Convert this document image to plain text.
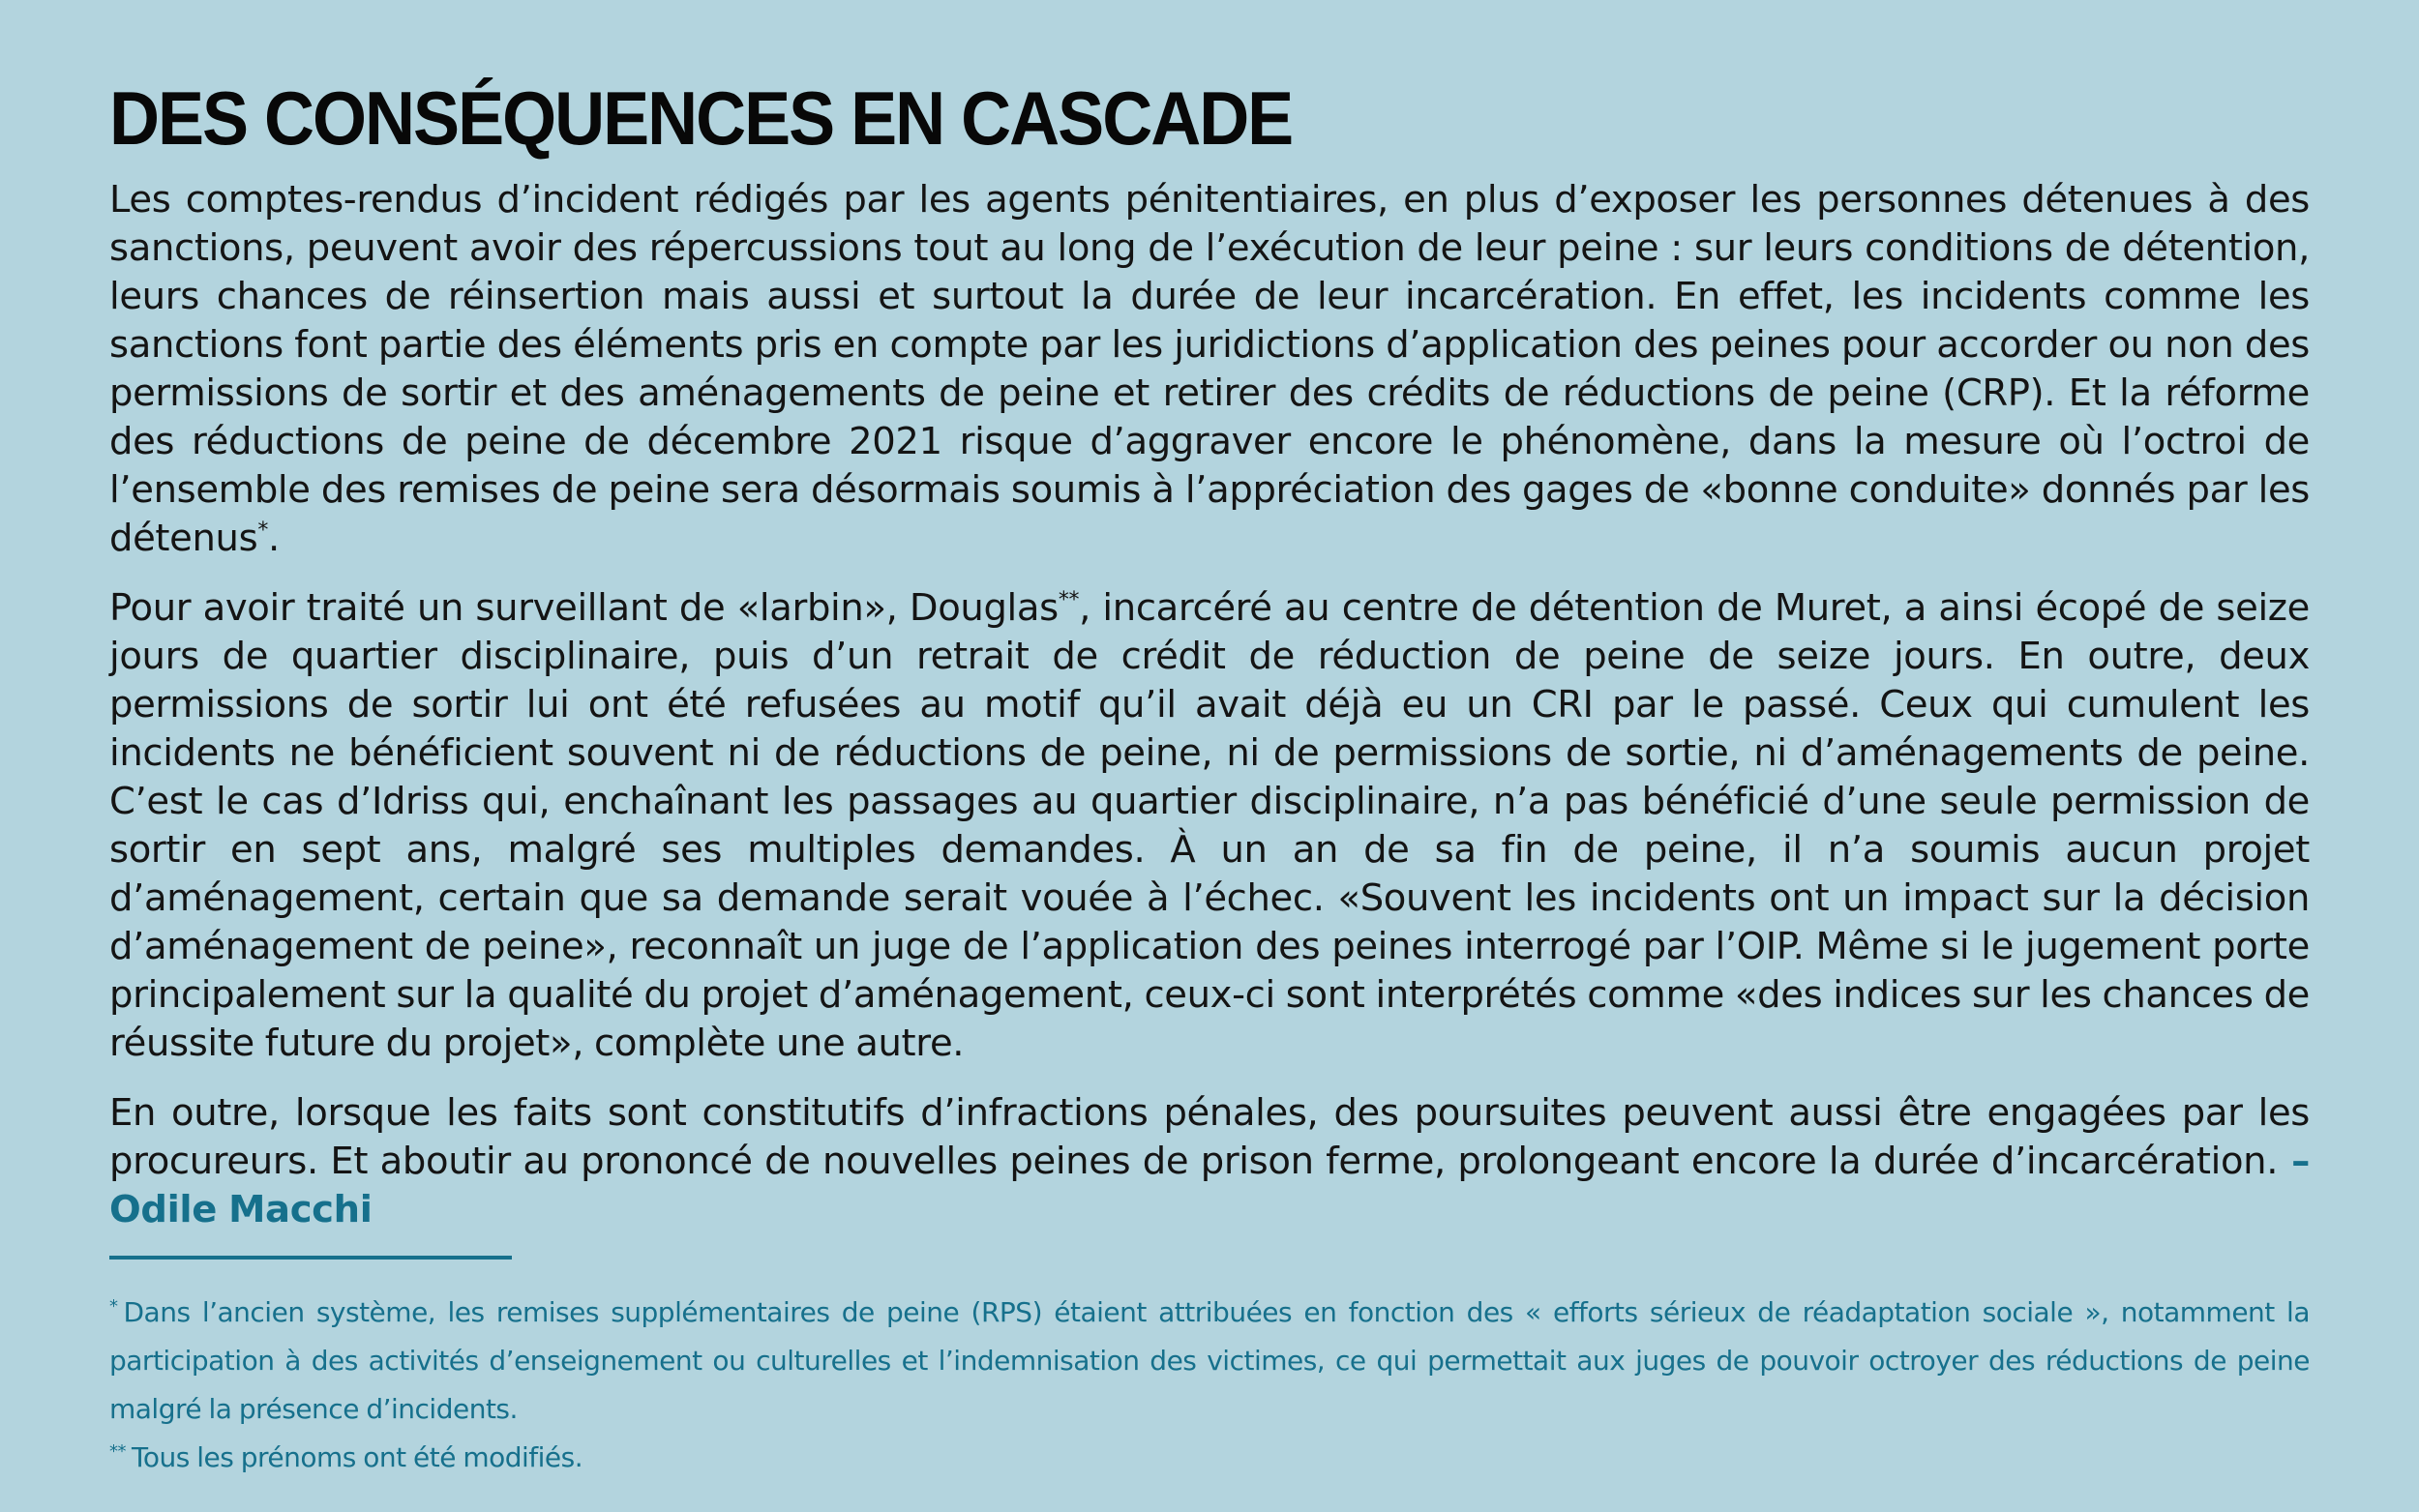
DES CONSÉQUENCES EN CASCADE

Les comptes-rendus d’incident rédigés par les agents pénitentiaires, en plus d’exposer les personnes détenues à des sanctions, peuvent avoir des répercussions tout au long de l’exécution de leur peine : sur leurs conditions de détention, leurs chances de réinsertion mais aussi et surtout la durée de leur incarcération. En effet, les incidents comme les sanctions font partie des éléments pris en compte par les juridictions d’application des peines pour accorder ou non des permissions de sortir et des aménagements de peine et retirer des crédits de réductions de peine (CRP). Et la réforme des réductions de peine de décembre 2021 risque d’aggraver encore le phénomène, dans la mesure où l’octroi de l’ensemble des remises de peine sera désormais soumis à l’appréciation des gages de «bonne conduite» donnés par les détenus*.

Pour avoir traité un surveillant de «larbin», Douglas**, incarcéré au centre de détention de Muret, a ainsi écopé de seize jours de quartier disciplinaire, puis d’un retrait de crédit de réduction de peine de seize jours. En outre, deux permissions de sortir lui ont été refusées au motif qu’il avait déjà eu un CRI par le passé. Ceux qui cumulent les incidents ne bénéficient souvent ni de réductions de peine, ni de permissions de sortie, ni d’aménagements de peine. C’est le cas d’Idriss qui, enchaînant les passages au quartier disciplinaire, n’a pas bénéficié d’une seule permission de sortir en sept ans, malgré ses multiples demandes. À un an de sa fin de peine, il n’a soumis aucun projet d’aménagement, certain que sa demande serait vouée à l’échec. «Souvent les incidents ont un impact sur la décision d’aménagement de peine», reconnaît un juge de l’application des peines interrogé par l’OIP. Même si le jugement porte principalement sur la qualité du projet d’aménagement, ceux-ci sont interprétés comme «des indices sur les chances de réussite future du projet», complète une autre.

En outre, lorsque les faits sont constitutifs d’infractions pénales, des poursuites peuvent aussi être engagées par les procureurs. Et aboutir au prononcé de nouvelles peines de prison ferme, prolongeant encore la durée d’incarcération. – Odile Macchi

* Dans l’ancien système, les remises supplémentaires de peine (RPS) étaient attribuées en fonction des « efforts sérieux de réadaptation sociale », notamment la participation à des activités d’enseignement ou culturelles et l’indemnisation des victimes, ce qui permettait aux juges de pouvoir octroyer des réductions de peine malgré la présence d’incidents.
** Tous les prénoms ont été modifiés.
